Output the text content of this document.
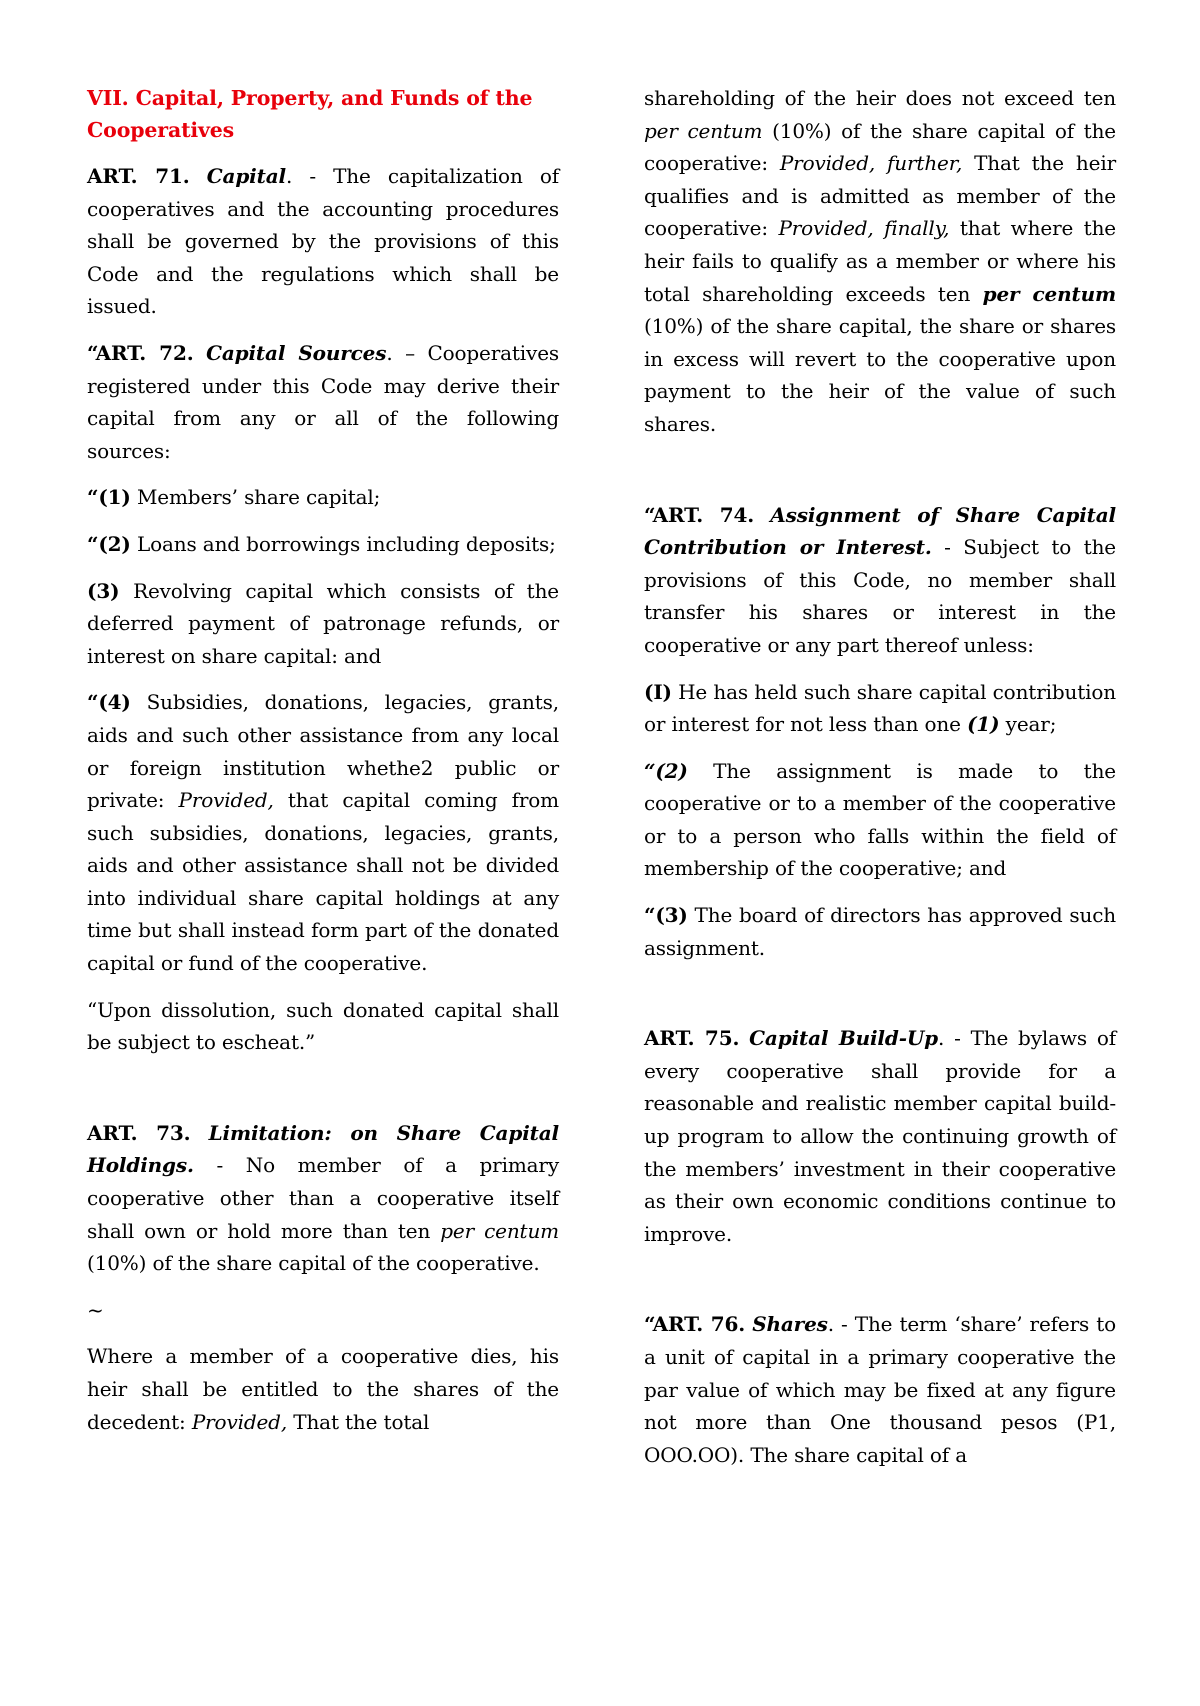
VII. Capital, Property, and Funds of the Cooperatives

ART. 71. Capital. - The capitalization of cooperatives and the accounting procedures shall be governed by the provisions of this Code and the regulations which shall be issued.

“ART. 72. Capital Sources. – Cooperatives registered under this Code may derive their capital from any or all of the following sources:

“(1) Members’ share capital;

“(2) Loans and borrowings including deposits;

(3) Revolving capital which consists of the deferred payment of patronage refunds, or interest on share capital: and

“(4) Subsidies, donations, legacies, grants, aids and such other assistance from any local or foreign institution whethe2 public or private: Provided, that capital coming from such subsidies, donations, legacies, grants, aids and other assistance shall not be divided into individual share capital holdings at any time but shall instead form part of the donated capital or fund of the cooperative.

“Upon dissolution, such donated capital shall be subject to escheat.”

ART. 73. Limitation: on Share Capital Holdings. - No member of a primary cooperative other than a cooperative itself shall own or hold more than ten per centum (10%) of the share capital of the cooperative.

~

Where a member of a cooperative dies, his heir shall be entitled to the shares of the decedent: Provided, That the total

shareholding of the heir does not exceed ten per centum (10%) of the share capital of the cooperative: Provided, further, That the heir qualifies and is admitted as member of the cooperative: Provided, finally, that where the heir fails to qualify as a member or where his total shareholding exceeds ten per centum (10%) of the share capital, the share or shares in excess will revert to the cooperative upon payment to the heir of the value of such shares.

“ART. 74. Assignment of Share Capital Contribution or Interest. - Subject to the provisions of this Code, no member shall transfer his shares or interest in the cooperative or any part thereof unless:

(I) He has held such share capital contribution or interest for not less than one (1) year;

“(2) The assignment is made to the cooperative or to a member of the cooperative or to a person who falls within the field of membership of the cooperative; and

“(3) The board of directors has approved such assignment.

ART. 75. Capital Build-Up. - The bylaws of every cooperative shall provide for a reasonable and realistic member capital build-up program to allow the continuing growth of the members’ investment in their cooperative as their own economic conditions continue to improve.

“ART. 76. Shares. - The term ‘share’ refers to a unit of capital in a primary cooperative the par value of which may be fixed at any figure not more than One thousand pesos (P1, OOO.OO). The share capital of a
